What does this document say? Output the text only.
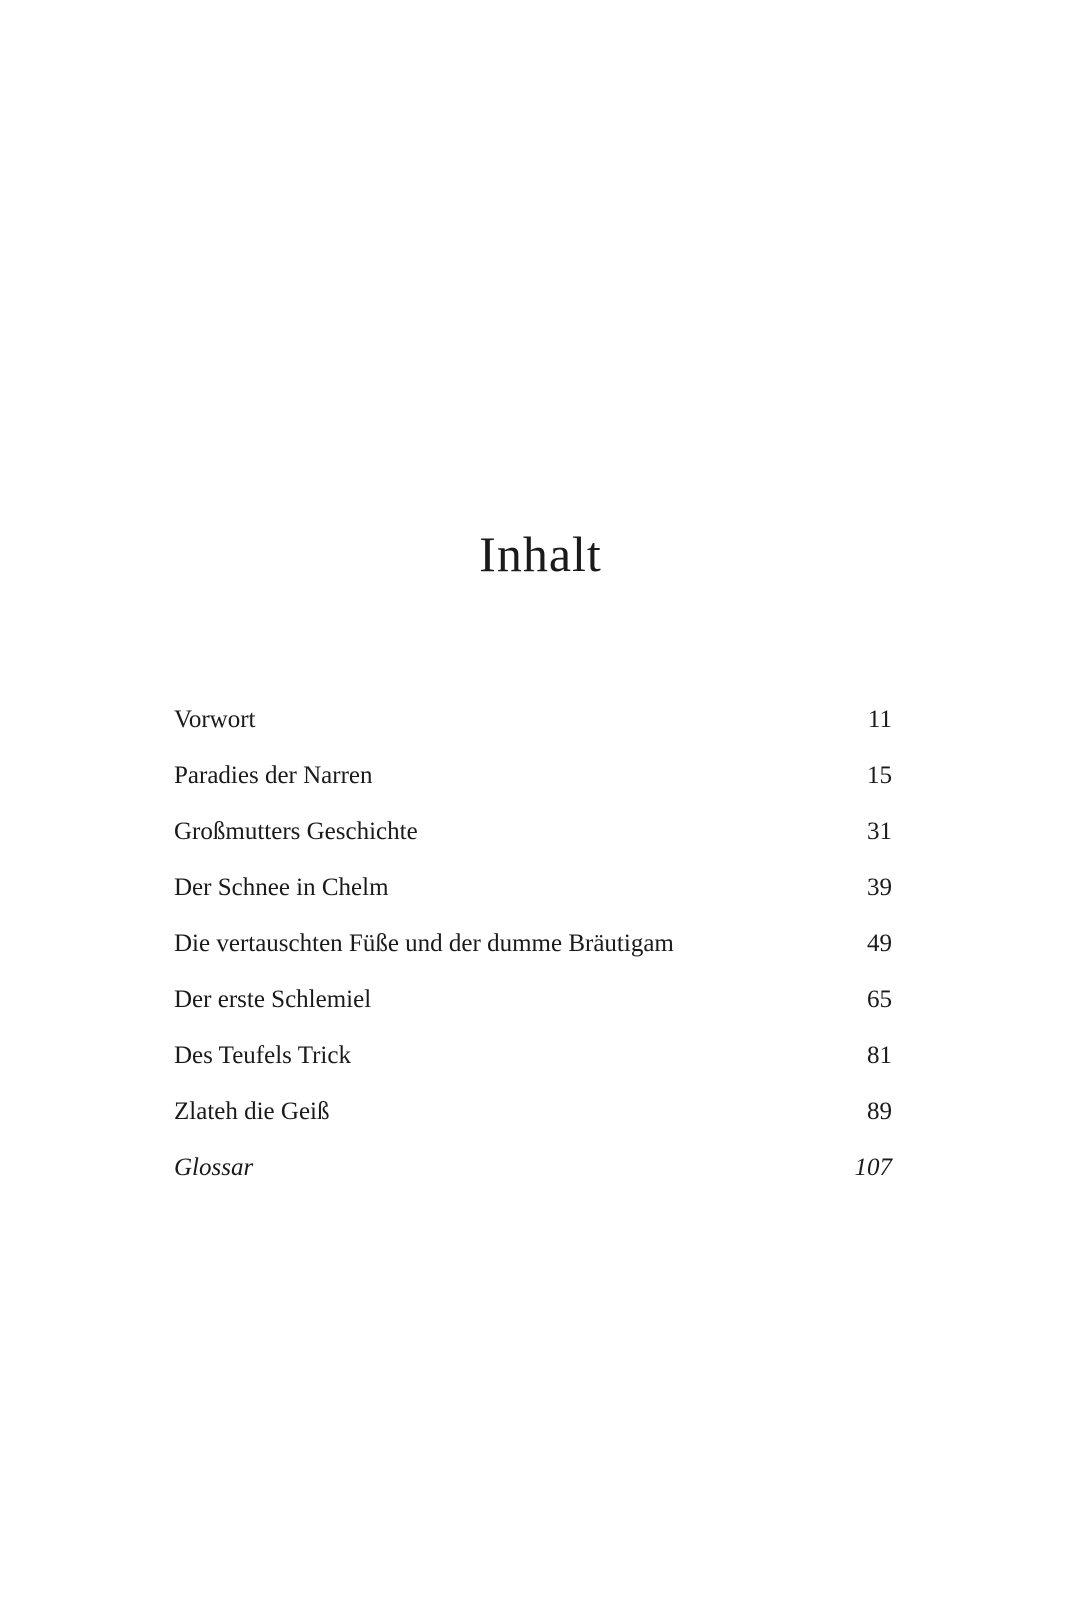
Inhalt
Vorwort	11
Paradies der Narren	15
Großmutters Geschichte	31
Der Schnee in Chelm	39
Die vertauschten Füße und der dumme Bräutigam	49
Der erste Schlemiel	65
Des Teufels Trick	81
Zlateh die Geiß	89
Glossar	107
